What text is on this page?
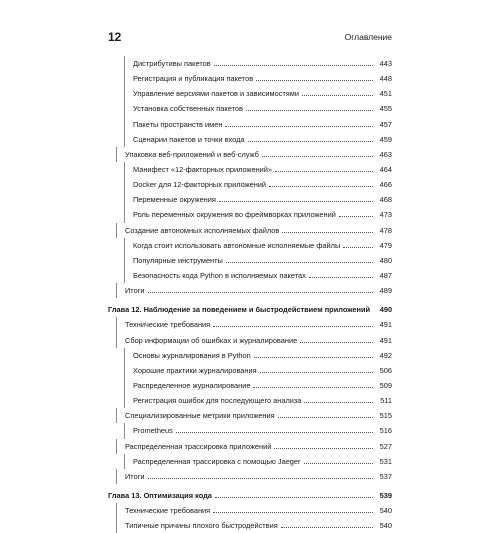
12	Оглавление
Дистрибутивы пакетов	443
Регистрация и публикация пакетов	448
Управление версиями пакетов и зависимостями	451
Установка собственных пакетов	455
Пакеты пространств имен	457
Сценарии пакетов и точки входа	459
Упаковка веб-приложений и веб-служб	463
Манифест «12-факторных приложений»	464
Docker для 12-факторных приложений	466
Переменные окружения	468
Роль переменных окружения во фреймворках приложений	473
Создание автономных исполняемых файлов	478
Когда стоит использовать автономные исполняемые файлы	479
Популярные инструменты	480
Безопасность кода Python в исполняемых пакетах	487
Итоги	489
Глава 12. Наблюдение за поведением и быстродействием приложений	490
Технические требования	491
Сбор информации об ошибках и журналирование	491
Основы журналирования в Python	492
Хорошие практики журналирования	506
Распределенное журналирование	509
Регистрация ошибок для последующего анализа	511
Специализированные метрики приложения	515
Prometheus	516
Распределенная трассировка приложений	527
Распределенная трассировка с помощью Jaeger	531
Итоги	537
Глава 13. Оптимизация кода	539
Технические требования	540
Типичные причины плохого быстродействия	540
